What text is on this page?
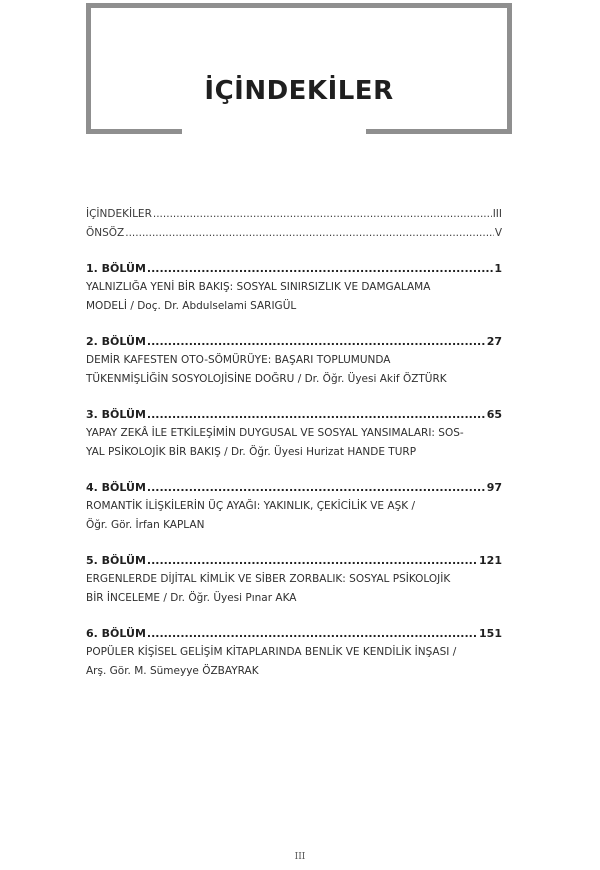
İÇİNDEKİLER
İÇİNDEKİLER .....	III
ÖNSÖZ .....	V
1. BÖLÜM .....	1
YALNIZLIĞA YENİ BİR BAKIŞ: SOSYAL SINIRSIZLIK VE DAMGALAMA
MODELİ / Doç. Dr. Abdulselami SARIGÜL
2. BÖLÜM .....	27
DEMİR KAFESTEN OTO-SÖMÜRÜYE: BAŞARI TOPLUMUNDA
TÜKENMİŞLİĞİN SOSYOLOJİSİNE DOĞRU / Dr. Öğr. Üyesi Akif ÖZTÜRK
3. BÖLÜM .....	65
YAPAY ZEKÂ İLE ETKİLEŞİMİN DUYGUSAL VE SOSYAL YANSIMALARI: SOS-
YAL PSİKOLOJİK BİR BAKIŞ / Dr. Öğr. Üyesi Hurizat HANDE TURP
4. BÖLÜM .....	97
ROMANTİK İLİŞKİLERİN ÜÇ AYAĞI: YAKINLIK, ÇEKİCİLİK VE AŞK /
Öğr. Gör. İrfan KAPLAN
5. BÖLÜM .....	121
ERGENLERDE DİJİTAL KİMLİK VE SİBER ZORBALIK: SOSYAL PSİKOLOJİK
BİR İNCELEME / Dr. Öğr. Üyesi Pınar AKA
6. BÖLÜM .....	151
POPÜLER KİŞİSEL GELİŞİM KİTAPLARINDA BENLİK VE KENDİLİK İNŞASI /
Arş. Gör. M. Sümeyye ÖZBAYRAK
III
